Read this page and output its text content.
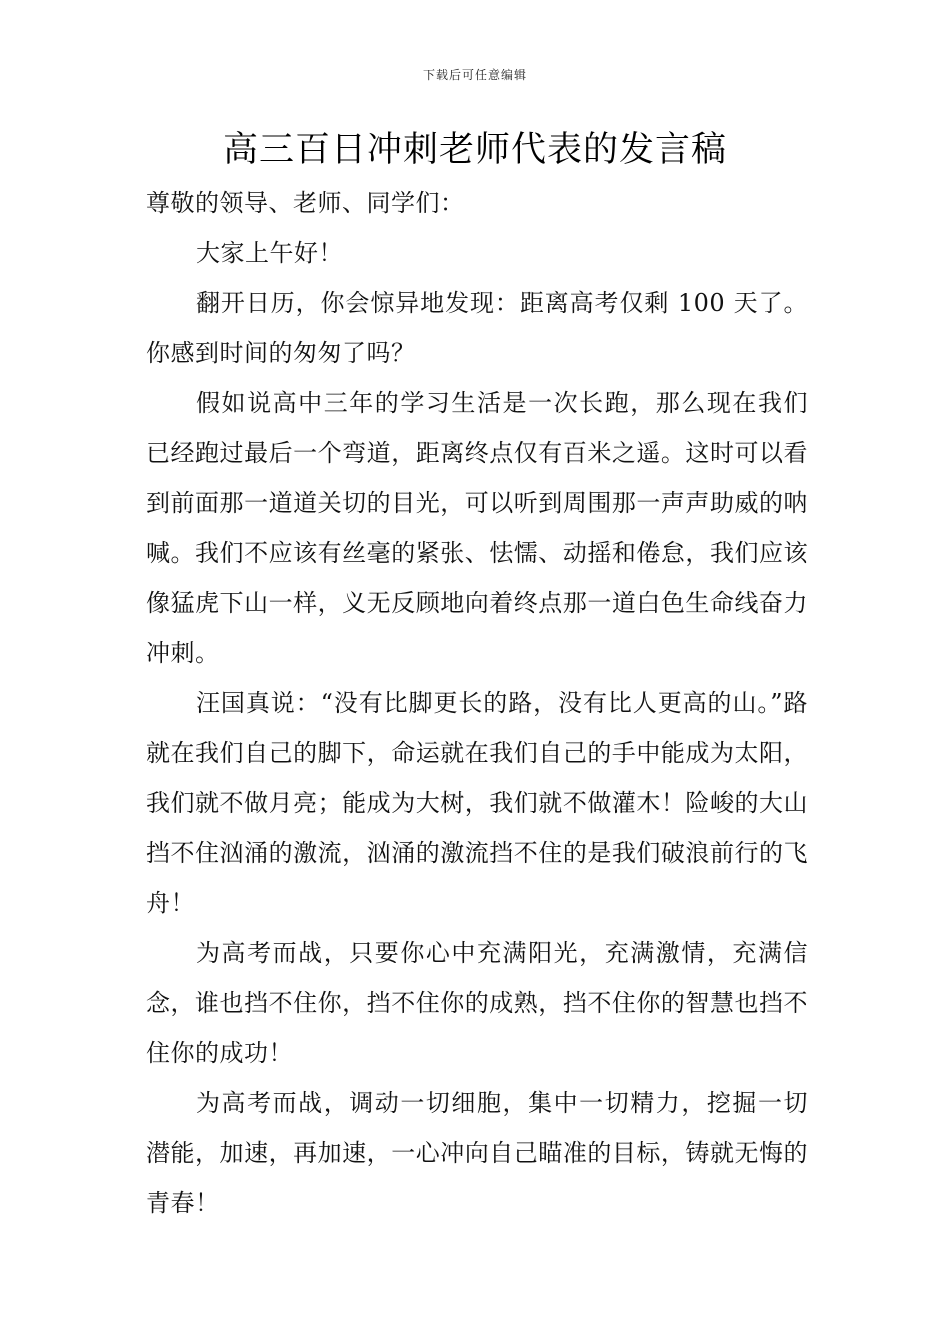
下载后可任意编辑
高三百日冲刺老师代表的发言稿

尊敬的领导、老师、同学们：

大家上午好！

翻开日历，你会惊异地发现：距离高考仅剩 100 天了。你感到时间的匆匆了吗？

假如说高中三年的学习生活是一次长跑，那么现在我们已经跑过最后一个弯道，距离终点仅有百米之遥。这时可以看到前面那一道道关切的目光，可以听到周围那一声声助威的呐喊。我们不应该有丝毫的紧张、怯懦、动摇和倦怠，我们应该像猛虎下山一样，义无反顾地向着终点那一道白色生命线奋力冲刺。

汪国真说：“没有比脚更长的路，没有比人更高的山。”路就在我们自己的脚下，命运就在我们自己的手中能成为太阳，我们就不做月亮；能成为大树，我们就不做灌木！险峻的大山挡不住汹涌的激流，汹涌的激流挡不住的是我们破浪前行的飞舟！

为高考而战，只要你心中充满阳光，充满激情，充满信念，谁也挡不住你，挡不住你的成熟，挡不住你的智慧也挡不住你的成功！

为高考而战，调动一切细胞，集中一切精力，挖掘一切潜能，加速，再加速，一心冲向自己瞄准的目标，铸就无悔的青春！
